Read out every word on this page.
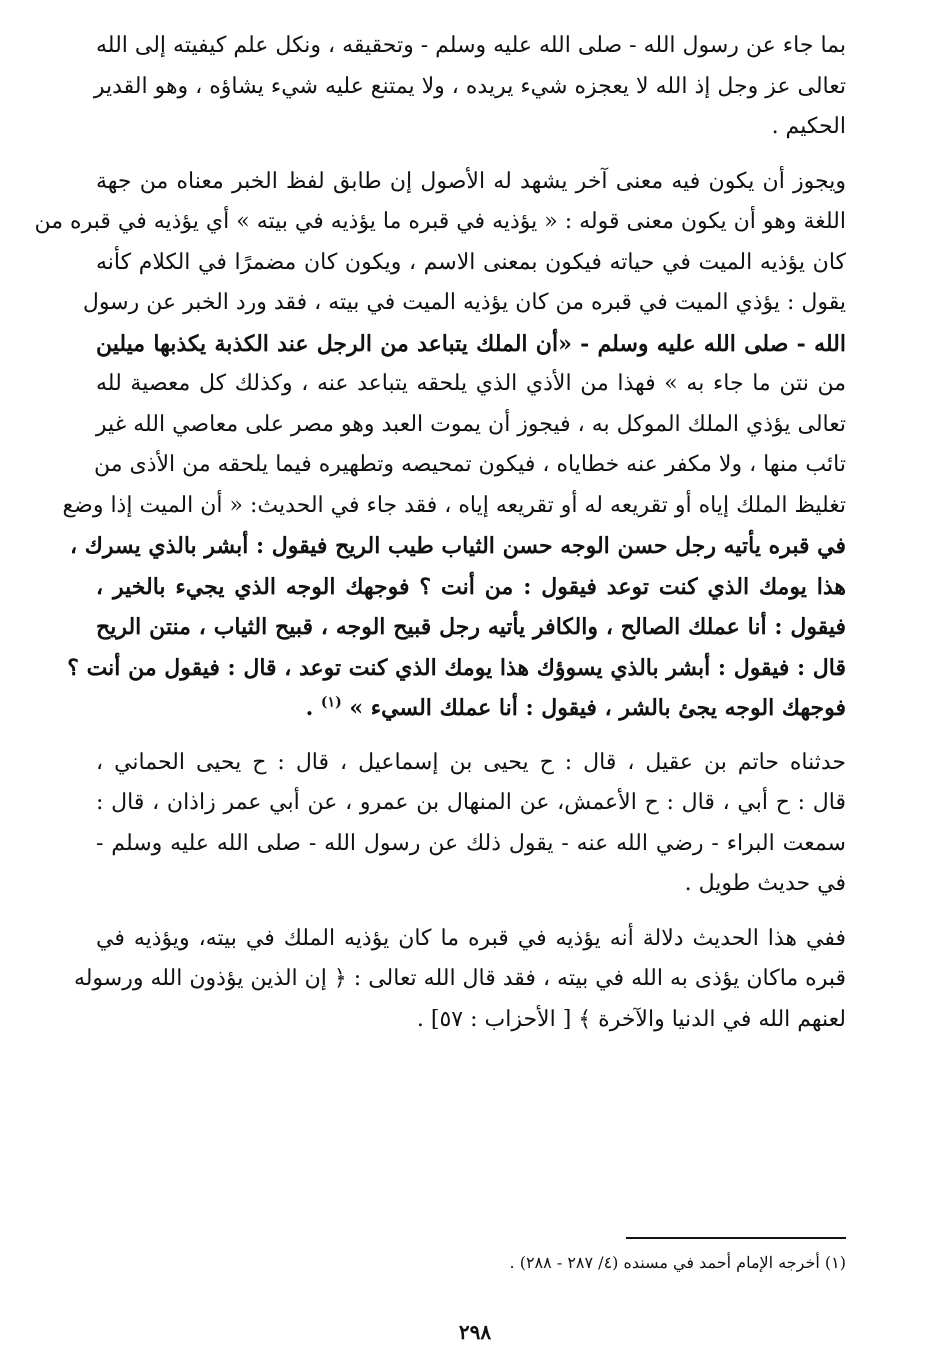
بما جاء عن رسول الله - صلى الله عليه وسلم - وتحقيقه ، ونكل علم كيفيته إلى الله
تعالى عز وجل إذ الله لا يعجزه شيء يريده ، ولا يمتنع عليه شيء يشاؤه ، وهو القدير
الحكيم .

ويجوز أن يكون فيه معنى آخر يشهد له الأصول إن طابق لفظ الخبر معناه من جهة
اللغة وهو أن يكون معنى قوله : « يؤذيه في قبره ما يؤذيه في بيته » أي يؤذيه في قبره من
كان يؤذيه الميت في حياته فيكون بمعنى الاسم ، ويكون كان مضمرًا في الكلام كأنه
يقول : يؤذي الميت في قبره من كان يؤذيه الميت في بيته ، فقد ورد الخبر عن رسول
الله - صلى الله عليه وسلم - «أن الملك يتباعد من الرجل عند الكذبة يكذبها ميلين
من نتن ما جاء به » فهذا من الأذي الذي يلحقه يتباعد عنه ، وكذلك كل معصية لله
تعالى يؤذي الملك الموكل به ، فيجوز أن يموت العبد وهو مصر على معاصي الله غير
تائب منها ، ولا مكفر عنه خطاياه ، فيكون تمحيصه وتطهيره فيما يلحقه من الأذى من
تغليظ الملك إياه أو تقريعه له أو تقريعه إياه ، فقد جاء في الحديث: « أن الميت إذا وضع
في قبره يأتيه رجل حسن الوجه حسن الثياب طيب الريح فيقول : أبشر بالذي يسرك ،
هذا يومك الذي كنت توعد فيقول : من أنت ؟ فوجهك الوجه الذي يجيء بالخير ،
فيقول : أنا عملك الصالح ، والكافر يأتيه رجل قبيح الوجه ، قبيح الثياب ، منتن الريح
قال : فيقول : أبشر بالذي يسوؤك هذا يومك الذي كنت توعد ، قال : فيقول من أنت ؟
فوجهك الوجه يجئ بالشر ، فيقول : أنا عملك السيء » $^{(١)}$ .

حدثناه حاتم بن عقيل ، قال : ح يحيى بن إسماعيل ، قال : ح يحيى الحماني ،
قال : ح أبي ، قال : ح الأعمش، عن المنهال بن عمرو ، عن أبي عمر زاذان ، قال :
سمعت البراء - رضي الله عنه - يقول ذلك عن رسول الله - صلى الله عليه وسلم -
في حديث طويل .

ففي هذا الحديث دلالة أنه يؤذيه في قبره ما كان يؤذيه الملك في بيته، ويؤذيه في
قبره ماكان يؤذى به الله في بيته ، فقد قال الله تعالى : ﴿ إن الذين يؤذون الله ورسوله
لعنهم الله في الدنيا والآخرة ﴾ [ الأحزاب : ٥٧] .

(١) أخرجه الإمام أحمد في مسنده (٤/ ٢٨٧ - ٢٨٨) .
٢٩٨
